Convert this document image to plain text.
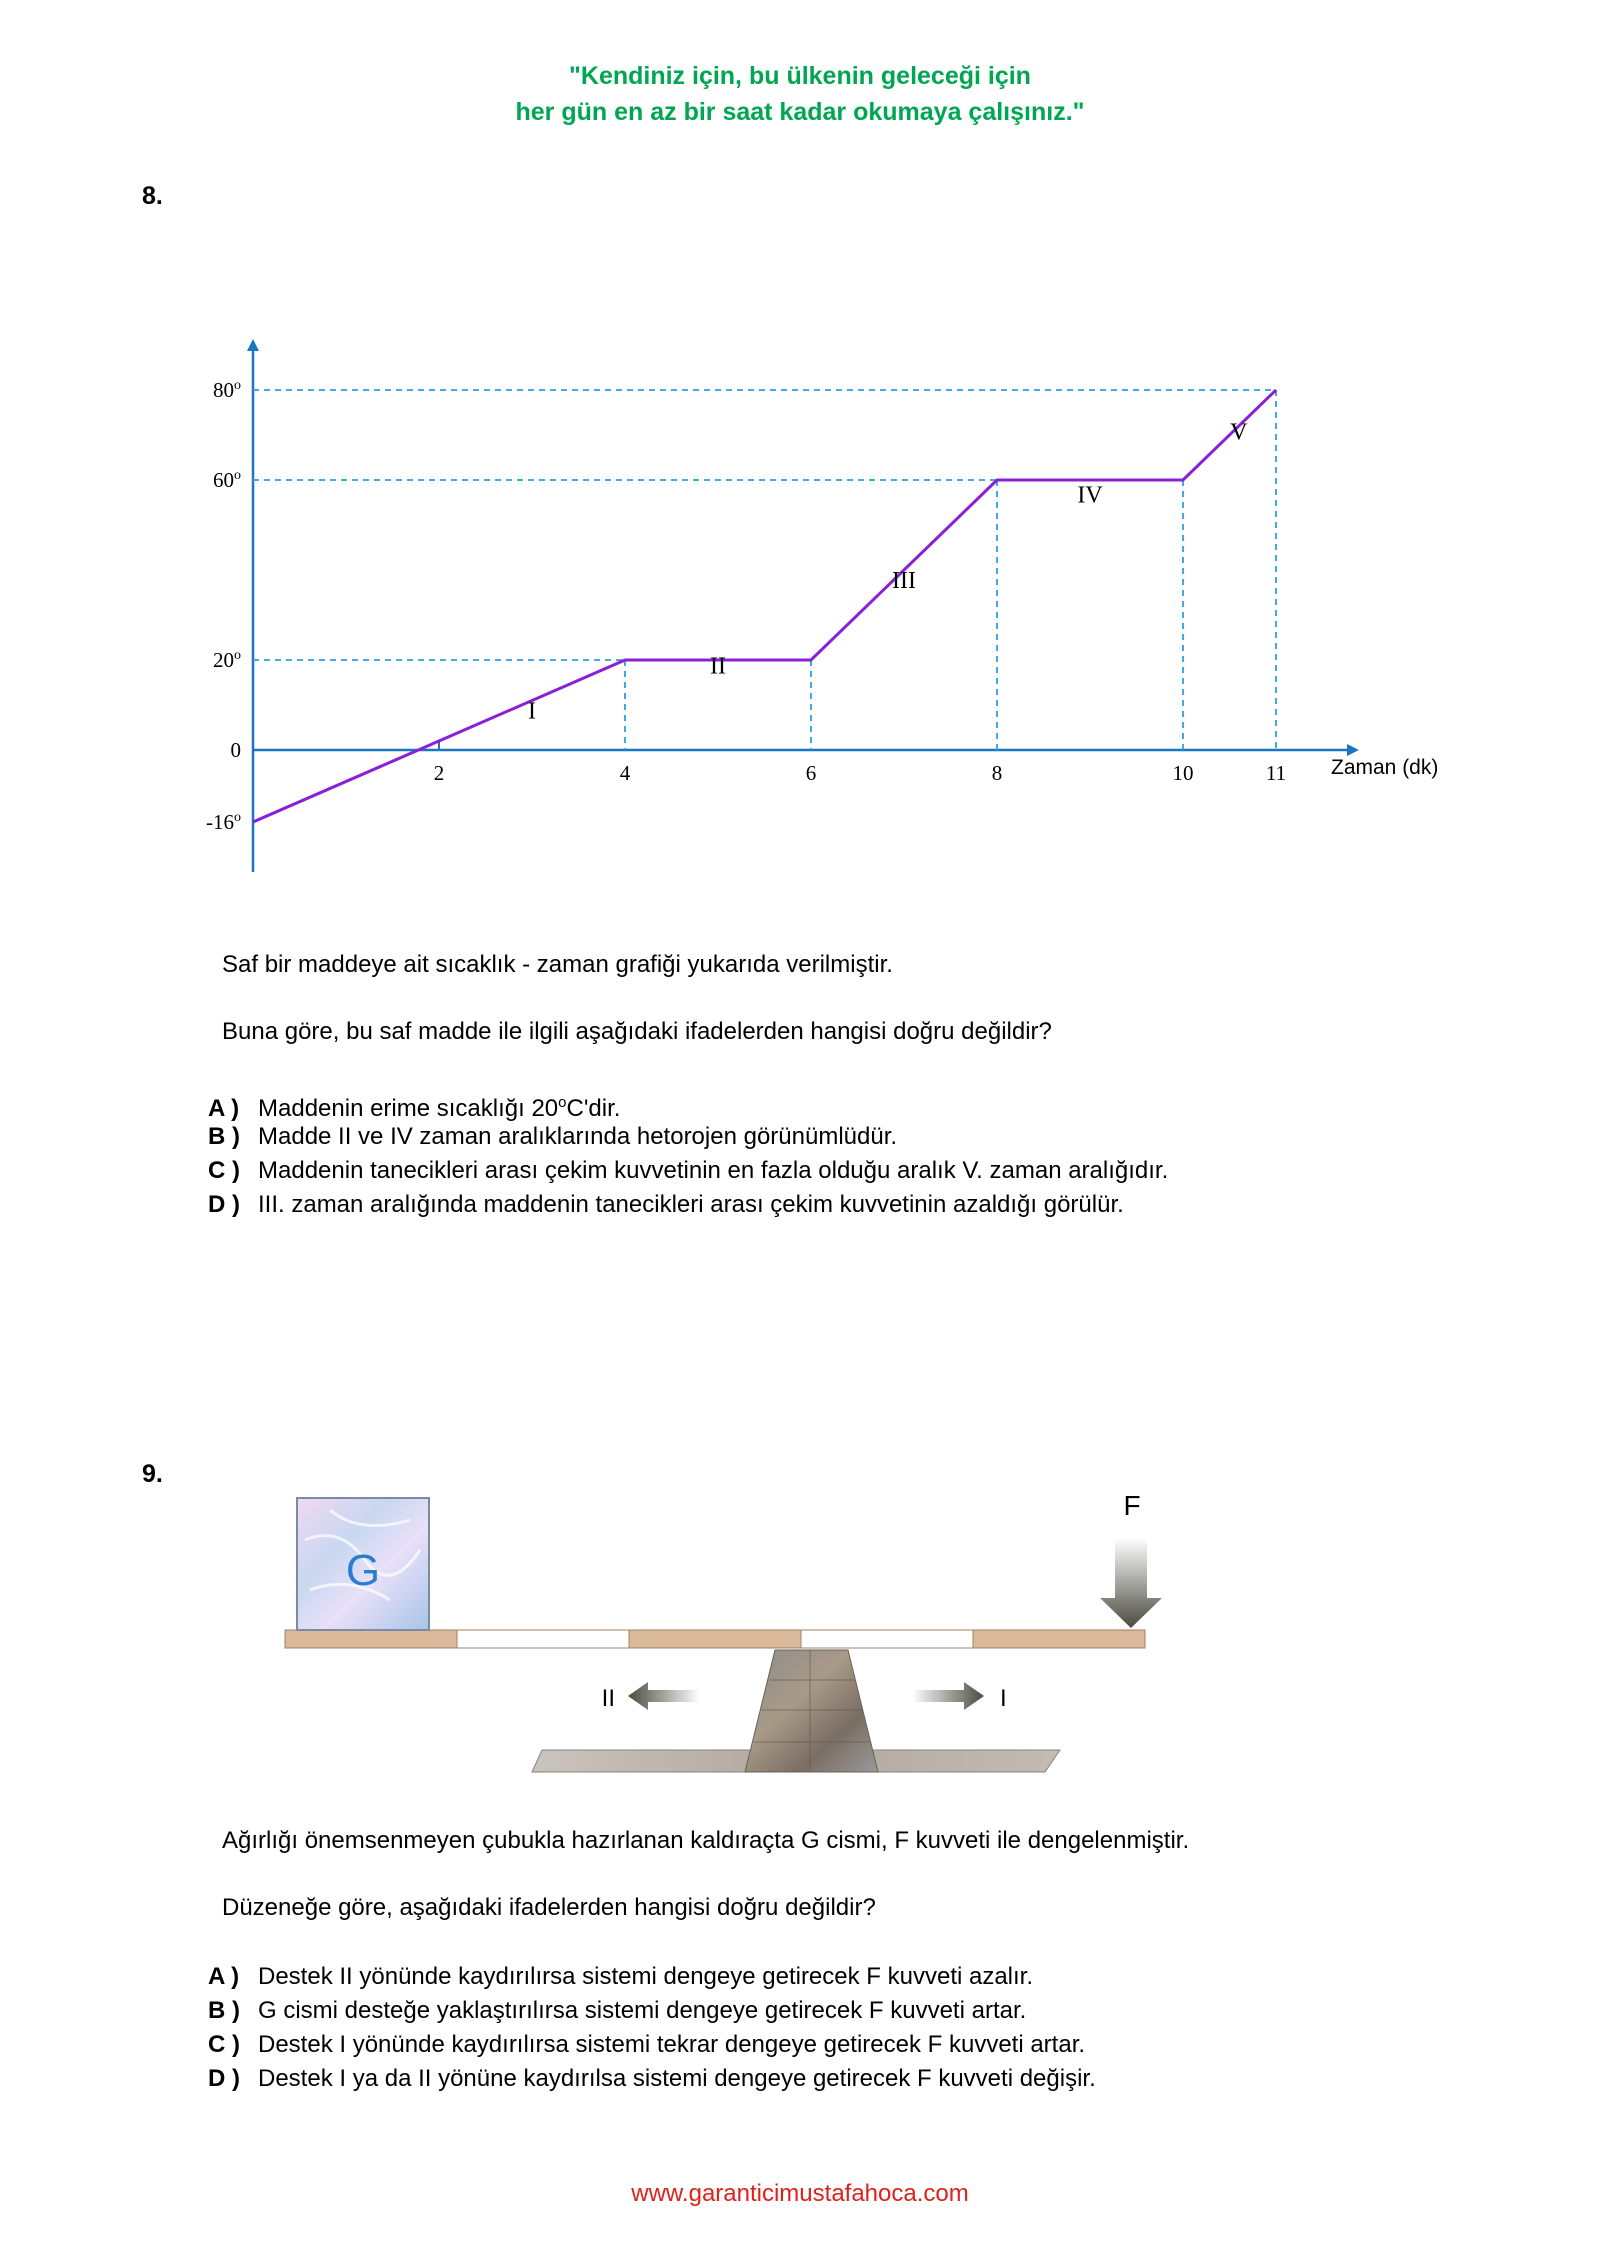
"Kendiniz için, bu ülkenin geleceği için
her gün en az bir saat kadar okumaya çalışınız."
8.
2	4	6	8	10	11 Zaman (dk)
80$^o$
60$^o$
20$^o$
0
-16$^o$
I
II
III
IV
V
Saf bir maddeye ait sıcaklık - zaman grafiği yukarıda verilmiştir.
Buna göre, bu saf madde ile ilgili aşağıdaki ifadelerden hangisi doğru değildir?
A ) Maddenin erime sıcaklığı 20$^o$C'dir.
B ) Madde II ve IV zaman aralıklarında hetorojen görünümlüdür.
C ) Maddenin tanecikleri arası çekim kuvvetinin en fazla olduğu aralık V. zaman aralığıdır.
D ) III. zaman aralığında maddenin tanecikleri arası çekim kuvvetinin azaldığı görülür.
9.
G
F
II	I
Ağırlığı önemsenmeyen çubukla hazırlanan kaldıraçta G cismi, F kuvveti ile dengelenmiştir.
Düzeneğe göre, aşağıdaki ifadelerden hangisi doğru değildir?
A ) Destek II yönünde kaydırılırsa sistemi dengeye getirecek F kuvveti azalır.
B ) G cismi desteğe yaklaştırılırsa sistemi dengeye getirecek F kuvveti artar.
C ) Destek I yönünde kaydırılırsa sistemi tekrar dengeye getirecek F kuvveti artar.
D ) Destek I ya da II yönüne kaydırılsa sistemi dengeye getirecek F kuvveti değişir.
www.garanticimustafahoca.com
